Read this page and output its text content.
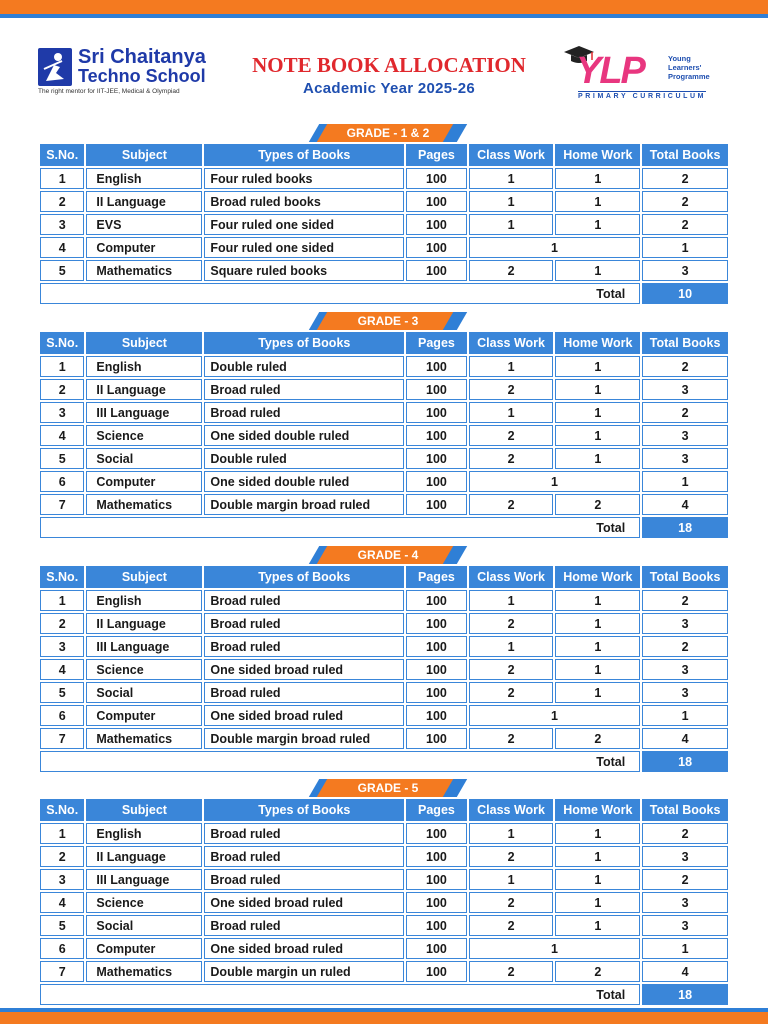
Sri Chaitanya
Techno School
The right mentor for IIT-JEE, Medical & Olympiad
NOTE BOOK ALLOCATION
Academic Year 2025-26	YLP	Young
Learners'
Programme
PRIMARY CURRICULUM
GRADE - 1 & 2
S.No.	Subject	Types of Books	Pages	Class Work	Home Work	Total Books
1	English	Four ruled books	100	1	1	2
2	II Language	Broad ruled books	100	1	1	2
3	EVS	Four ruled one sided	100	1	1	2
4	Computer	Four ruled one sided	100	1		1
5	Mathematics	Square ruled books	100	2	1	3
Total						10
GRADE - 3
S.No.	Subject	Types of Books	Pages	Class Work	Home Work	Total Books
1	English	Double ruled	100	1	1	2
2	II Language	Broad ruled	100	2	1	3
3	III Language	Broad ruled	100	1	1	2
4	Science	One sided double ruled	100	2	1	3
5	Social	Double ruled	100	2	1	3
6	Computer	One sided double ruled	100	1		1
7	Mathematics	Double margin broad ruled	100	2	2	4
Total						18
GRADE - 4
S.No.	Subject	Types of Books	Pages	Class Work	Home Work	Total Books
1	English	Broad ruled	100	1	1	2
2	II Language	Broad ruled	100	2	1	3
3	III Language	Broad ruled	100	1	1	2
4	Science	One sided broad ruled	100	2	1	3
5	Social	Broad ruled	100	2	1	3
6	Computer	One sided broad ruled	100	1		1
7	Mathematics	Double margin broad ruled	100	2	2	4
Total						18
GRADE - 5
S.No.	Subject	Types of Books	Pages	Class Work	Home Work	Total Books
1	English	Broad ruled	100	1	1	2
2	II Language	Broad ruled	100	2	1	3
3	III Language	Broad ruled	100	1	1	2
4	Science	One sided broad ruled	100	2	1	3
5	Social	Broad ruled	100	2	1	3
6	Computer	One sided broad ruled	100	1		1
7	Mathematics	Double margin un ruled	100	2	2	4
Total						18
